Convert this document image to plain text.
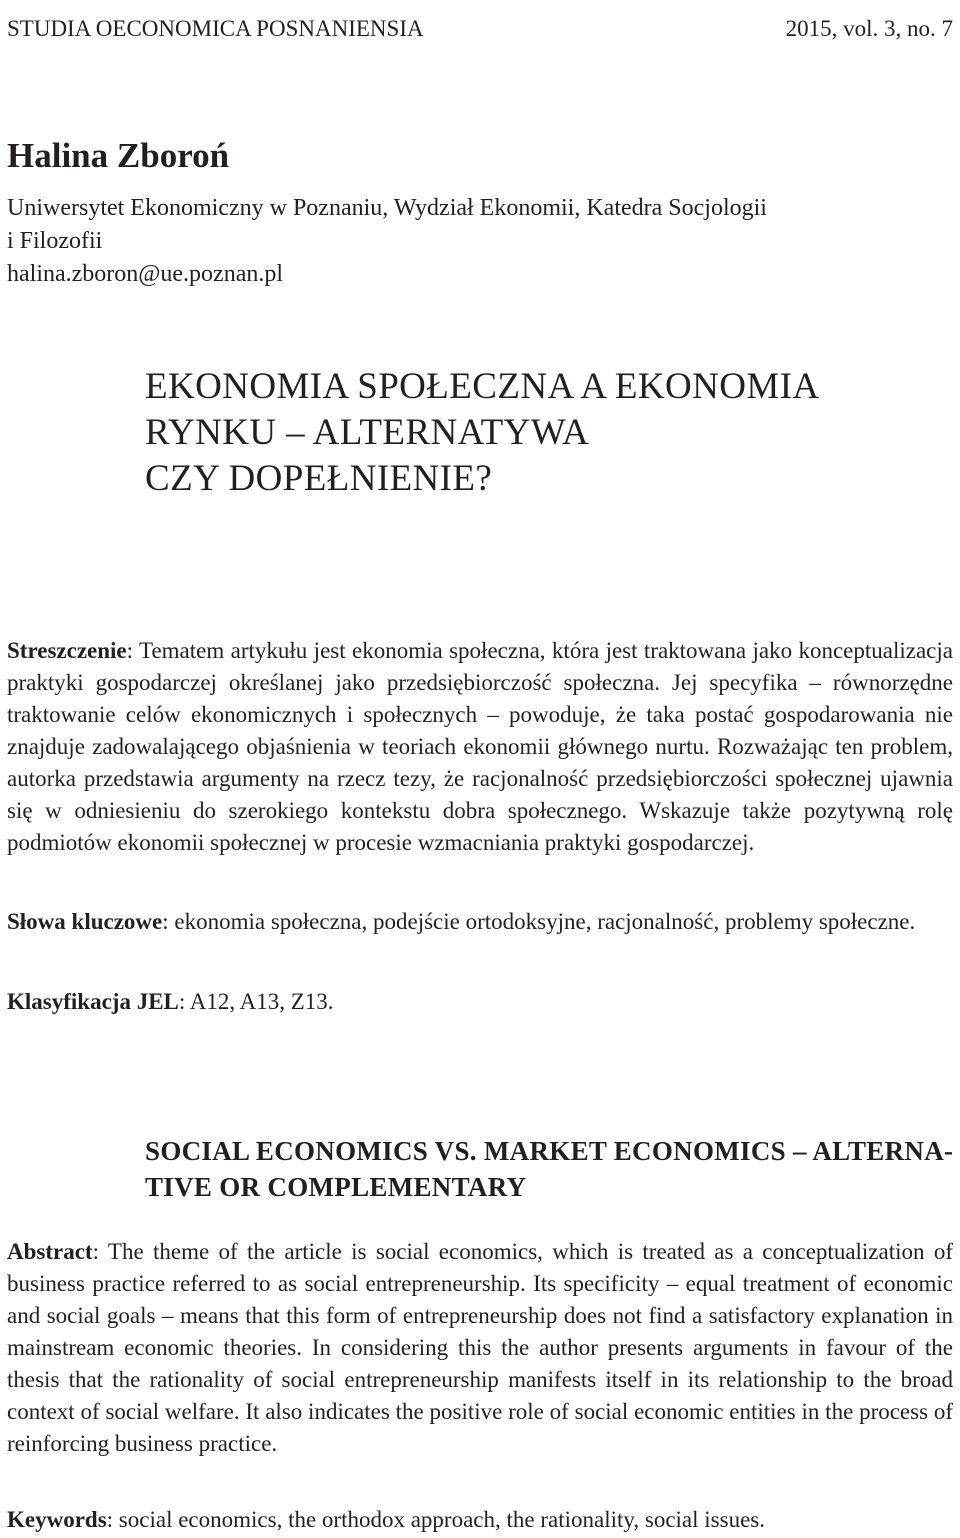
STUDIA OECONOMICA POSNANIENSIA	2015, vol. 3, no. 7
Halina Zboroń
Uniwersytet Ekonomiczny w Poznaniu, Wydział Ekonomii, Katedra Socjologii
i Filozofii
halina.zboron@ue.poznan.pl
EKONOMIA SPOŁECZNA A EKONOMIA
RYNKU – ALTERNATYWA
CZY DOPEŁNIENIE?

Streszczenie: Tematem artykułu jest ekonomia społeczna, która jest traktowana jako konceptualizacja praktyki gospodarczej określanej jako przedsiębiorczość społeczna. Jej specyfika – równorzędne traktowanie celów ekonomicznych i społecznych – powoduje, że taka postać gospodarowania nie znajduje zadowalającego objaśnienia w teoriach ekonomii głównego nurtu. Rozważając ten problem, autorka przedstawia argumenty na rzecz tezy, że racjonalność przedsiębiorczości społecznej ujawnia się w odniesieniu do szerokiego kontekstu dobra społecznego. Wskazuje także pozytywną rolę podmiotów ekonomii społecznej w procesie wzmacniania praktyki gospodarczej.

Słowa kluczowe: ekonomia społeczna, podejście ortodoksyjne, racjonalność, problemy społeczne.

Klasyfikacja JEL: A12, A13, Z13.

SOCIAL ECONOMICS VS. MARKET ECONOMICS – ALTERNA-
TIVE OR COMPLEMENTARY

Abstract: The theme of the article is social economics, which is treated as a conceptualization of business practice referred to as social entrepreneurship. Its specificity – equal treatment of economic and social goals – means that this form of entrepreneurship does not find a satisfactory explanation in mainstream economic theories. In considering this the author presents arguments in favour of the thesis that the rationality of social entrepreneurship manifests itself in its relationship to the broad context of social welfare. It also indicates the positive role of social economic entities in the process of reinforcing business practice.

Keywords: social economics, the orthodox approach, the rationality, social issues.
